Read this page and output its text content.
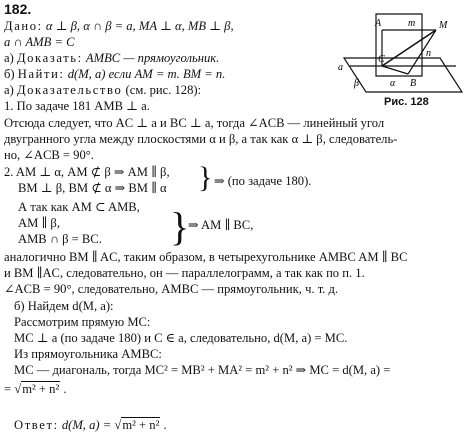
A	m M
C
n
B
β
a
α
Рис. 128
182.
Дано: α ⊥ β, α ∩ β = a, MA ⊥ α, MB ⊥ β,
a ∩ AMB = C
а) Доказать: AMBC — прямоугольник.
б) Найти: d(M, a) если AM = m. BM = n.
а) Доказательство (см. рис. 128):
1. По задаче 181 AMB ⊥ a.
Отсюда следует, что AC ⊥ a и BC ⊥ a, тогда ∠ACB — линейный угол
двугранного угла между плоскостями α и β, а так как α ⊥ β, следователь-
но, ∠ACB = 90°.
2. AM ⊥ α, AM ⊄ β ⇒ AM ∥ β,
BM ⊥ β, BM ⊄ α ⇒ BM ∥ α } ⇒ (по задаче 180).
А так как AM ⊂ AMB,
AM ∥ β,
AMB ∩ β = BC. }
⇒ AM ∥ BC,
аналогично BM ∥ AC, таким образом, в четырехугольнике AMBC AM ∥ BC
и BM ∥AC, следовательно, он — параллелограмм, а так как по п. 1.
∠ACB = 90°, следовательно, AMBC — прямоугольник, ч. т. д.
б) Найдем d(M, a):
Рассмотрим прямую MC:
MC ⊥ a (по задаче 180) и C ∈ a, следовательно, d(M, a) = MC.
Из прямоугольника AMBC:
MC — диагональ, тогда MC² = MB² + MA² = m² + n² ⇒ MC = d(M, a) =
= √m² + n² .
Ответ: d(M, a) = √m² + n² .
